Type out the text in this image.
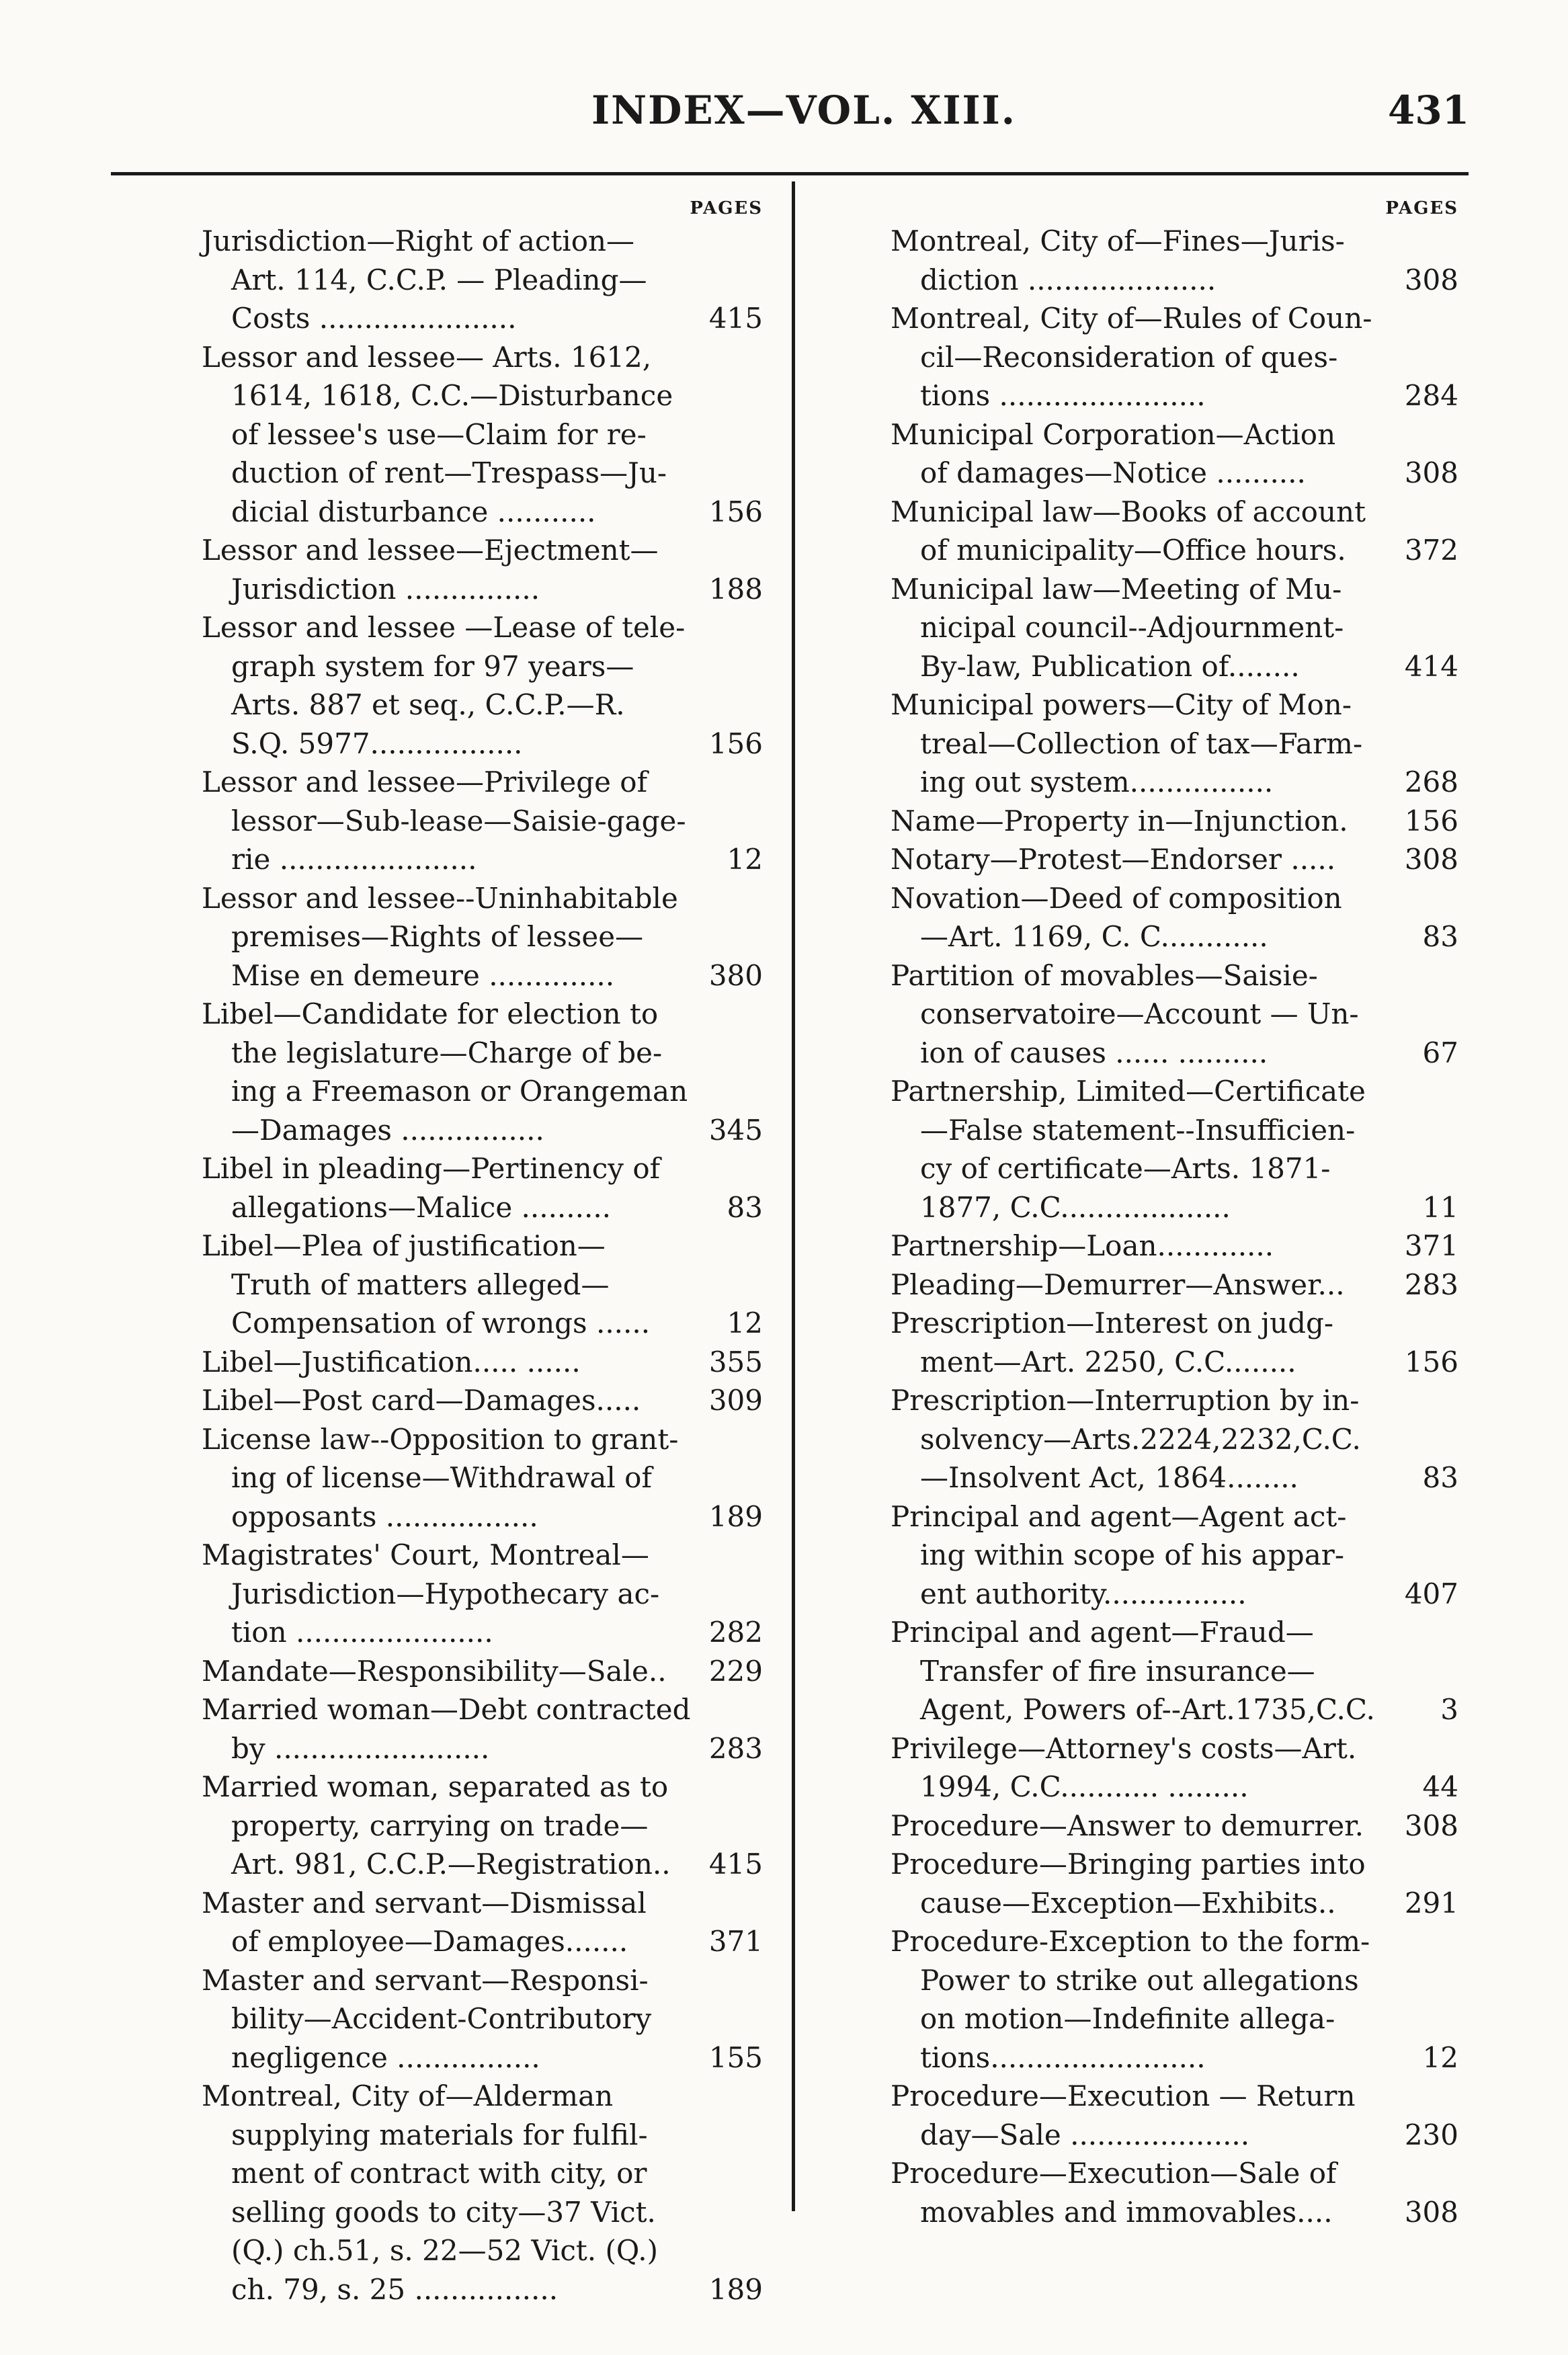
INDEX—VOL. XIII.	431
PAGES
Jurisdiction—Right of action—
Art. 114, C.C.P. — Pleading—
Costs ......................	415
Lessor and lessee— Arts. 1612,
1614, 1618, C.C.—Disturbance
of lessee's use—Claim for re-
duction of rent—Trespass—Ju-
dicial disturbance ...........	156
Lessor and lessee—Ejectment—
Jurisdiction ...............	188
Lessor and lessee —Lease of tele-
graph system for 97 years—
Arts. 887 et seq., C.C.P.—R.
S.Q. 5977.................	156
Lessor and lessee—Privilege of
lessor—Sub-lease—Saisie-gage-
rie ......................	12
Lessor and lessee--Uninhabitable
premises—Rights of lessee—
Mise en demeure ..............	380
Libel—Candidate for election to
the legislature—Charge of be-
ing a Freemason or Orangeman
—Damages ................	345
Libel in pleading—Pertinency of
allegations—Malice ..........	83
Libel—Plea of justification—
Truth of matters alleged—
Compensation of wrongs ......	12
Libel—Justification..... ......	355
Libel—Post card—Damages.....	309
License law--Opposition to grant-
ing of license—Withdrawal of
opposants .................	189
Magistrates' Court, Montreal—
Jurisdiction—Hypothecary ac-
tion ......................	282
Mandate—Responsibility—Sale..	229
Married woman—Debt contracted
by ........................	283
Married woman, separated as to
property, carrying on trade—
Art. 981, C.C.P.—Registration..	415
Master and servant—Dismissal
of employee—Damages.......	371
Master and servant—Responsi-
bility—Accident-Contributory
negligence ................	155
Montreal, City of—Alderman
supplying materials for fulfil-
ment of contract with city, or
selling goods to city—37 Vict.
(Q.) ch.51, s. 22—52 Vict. (Q.)
ch. 79, s. 25 ................	189
PAGES
Montreal, City of—Fines—Juris-
diction .....................	308
Montreal, City of—Rules of Coun-
cil—Reconsideration of ques-
tions .......................	284
Municipal Corporation—Action
of damages—Notice ..........	308
Municipal law—Books of account
of municipality—Office hours.	372
Municipal law—Meeting of Mu-
nicipal council--Adjournment-
By-law, Publication of........	414
Municipal powers—City of Mon-
treal—Collection of tax—Farm-
ing out system................	268
Name—Property in—Injunction.	156
Notary—Protest—Endorser .....	308
Novation—Deed of composition
—Art. 1169, C. C............	83
Partition of movables—Saisie-
conservatoire—Account — Un-
ion of causes ...... ..........	67
Partnership, Limited—Certificate
—False statement--Insufficien-
cy of certificate—Arts. 1871-
1877, C.C...................	11
Partnership—Loan.............	371
Pleading—Demurrer—Answer...	283
Prescription—Interest on judg-
ment—Art. 2250, C.C........	156
Prescription—Interruption by in-
solvency—Arts.2224,2232,C.C.
—Insolvent Act, 1864........	83
Principal and agent—Agent act-
ing within scope of his appar-
ent authority................	407
Principal and agent—Fraud—
Transfer of fire insurance—
Agent, Powers of--Art.1735,C.C.	3
Privilege—Attorney's costs—Art.
1994, C.C........... .........	44
Procedure—Answer to demurrer.	308
Procedure—Bringing parties into
cause—Exception—Exhibits..	291
Procedure-Exception to the form-
Power to strike out allegations
on motion—Indefinite allega-
tions........................	12
Procedure—Execution — Return
day—Sale ....................	230
Procedure—Execution—Sale of
movables and immovables....	308
